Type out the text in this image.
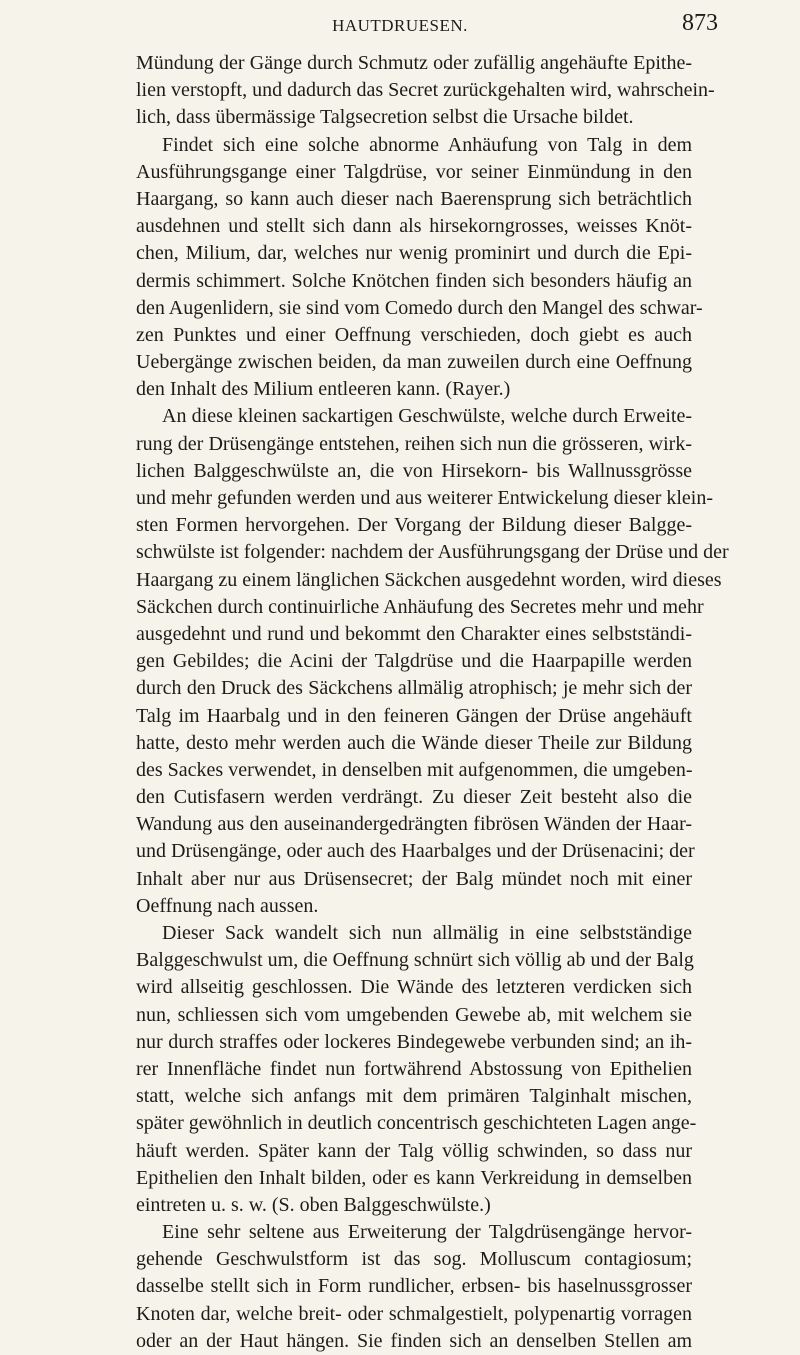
HAUTDRUESEN.	873
Mündung der Gänge durch Schmutz oder zufällig angehäufte Epithe-
lien verstopft, und dadurch das Secret zurückgehalten wird, wahrschein-
lich, dass übermässige Talgsecretion selbst die Ursache bildet.
Findet sich eine solche abnorme Anhäufung von Talg in dem
Ausführungsgange einer Talgdrüse, vor seiner Einmündung in den
Haargang, so kann auch dieser nach Baerensprung sich beträchtlich
ausdehnen und stellt sich dann als hirsekorngrosses, weisses Knöt-
chen, Milium, dar, welches nur wenig prominirt und durch die Epi-
dermis schimmert. Solche Knötchen finden sich besonders häufig an
den Augenlidern, sie sind vom Comedo durch den Mangel des schwar-
zen Punktes und einer Oeffnung verschieden, doch giebt es auch
Uebergänge zwischen beiden, da man zuweilen durch eine Oeffnung
den Inhalt des Milium entleeren kann. (Rayer.)
An diese kleinen sackartigen Geschwülste, welche durch Erweite-
rung der Drüsengänge entstehen, reihen sich nun die grösseren, wirk-
lichen Balggeschwülste an, die von Hirsekorn- bis Wallnussgrösse
und mehr gefunden werden und aus weiterer Entwickelung dieser klein-
sten Formen hervorgehen. Der Vorgang der Bildung dieser Balgge-
schwülste ist folgender: nachdem der Ausführungsgang der Drüse und der
Haargang zu einem länglichen Säckchen ausgedehnt worden, wird dieses
Säckchen durch continuirliche Anhäufung des Secretes mehr und mehr
ausgedehnt und rund und bekommt den Charakter eines selbstständi-
gen Gebildes; die Acini der Talgdrüse und die Haarpapille werden
durch den Druck des Säckchens allmälig atrophisch; je mehr sich der
Talg im Haarbalg und in den feineren Gängen der Drüse angehäuft
hatte, desto mehr werden auch die Wände dieser Theile zur Bildung
des Sackes verwendet, in denselben mit aufgenommen, die umgeben-
den Cutisfasern werden verdrängt. Zu dieser Zeit besteht also die
Wandung aus den auseinandergedrängten fibrösen Wänden der Haar-
und Drüsengänge, oder auch des Haarbalges und der Drüsenacini; der
Inhalt aber nur aus Drüsensecret; der Balg mündet noch mit einer
Oeffnung nach aussen.
Dieser Sack wandelt sich nun allmälig in eine selbstständige
Balggeschwulst um, die Oeffnung schnürt sich völlig ab und der Balg
wird allseitig geschlossen. Die Wände des letzteren verdicken sich
nun, schliessen sich vom umgebenden Gewebe ab, mit welchem sie
nur durch straffes oder lockeres Bindegewebe verbunden sind; an ih-
rer Innenfläche findet nun fortwährend Abstossung von Epithelien
statt, welche sich anfangs mit dem primären Talginhalt mischen,
später gewöhnlich in deutlich concentrisch geschichteten Lagen ange-
häuft werden. Später kann der Talg völlig schwinden, so dass nur
Epithelien den Inhalt bilden, oder es kann Verkreidung in demselben
eintreten u. s. w. (S. oben Balggeschwülste.)
Eine sehr seltene aus Erweiterung der Talgdrüsengänge hervor-
gehende Geschwulstform ist das sog. Molluscum contagiosum;
dasselbe stellt sich in Form rundlicher, erbsen- bis haselnussgrosser
Knoten dar, welche breit- oder schmalgestielt, polypenartig vorragen
oder an der Haut hängen. Sie finden sich an denselben Stellen am
